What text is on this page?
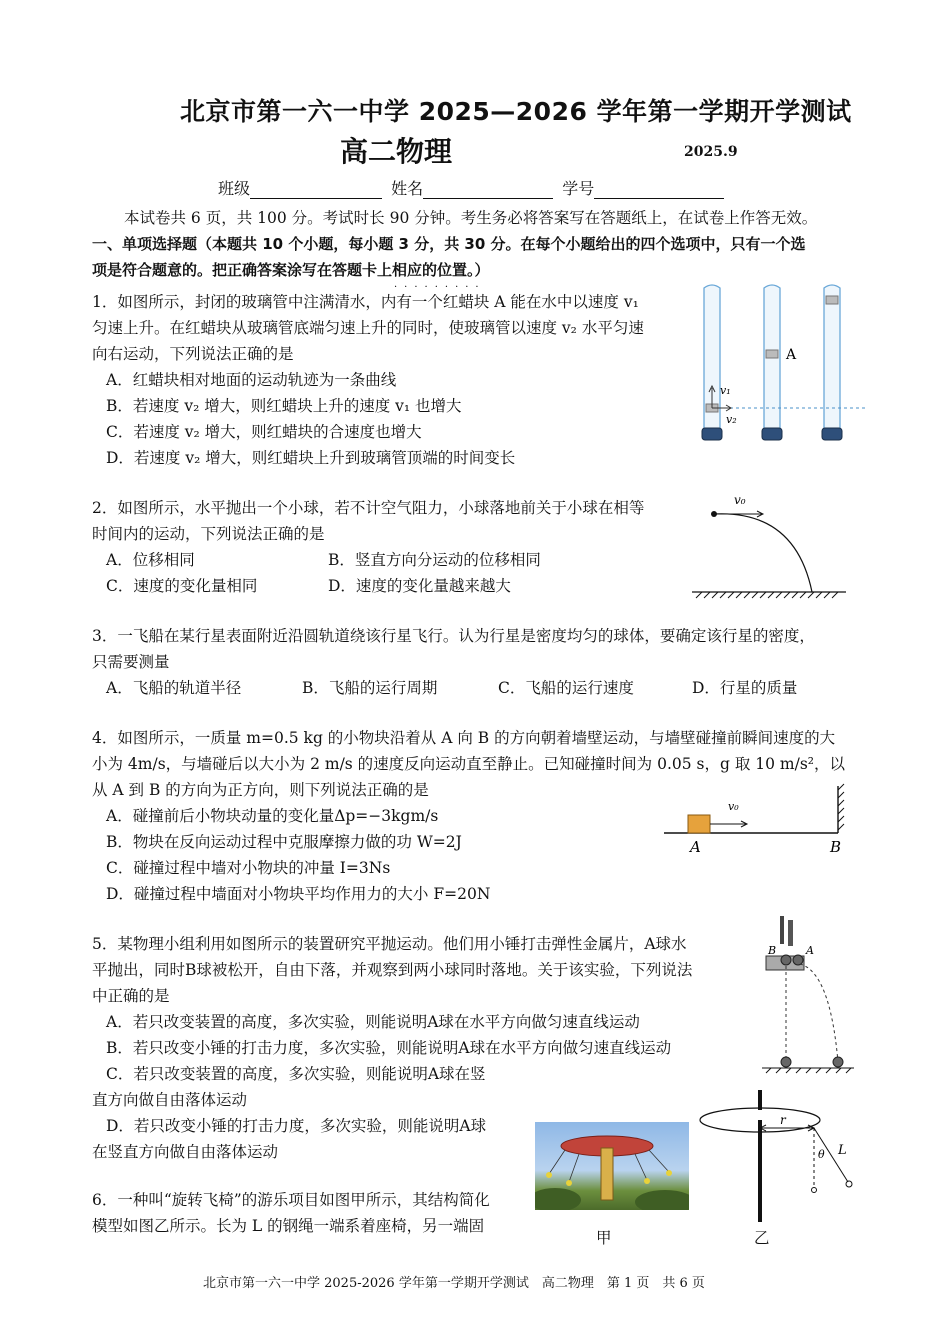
北京市第一六一中学 2025—2026 学年第一学期开学测试
高二物理	2025.9
班级	姓名	学号
本试卷共 6 页，共 100 分。考试时长 90 分钟。考生务必将答案写在答题纸上，在试卷上作答无效。
一、单项选择题（本题共 10 个小题，每小题 3 分，共 30 分。在每个小题给出的四个选项中，只有一个选
项是符合题意的。把正确答案涂写在答题卡上相应的位置。）
·········
1．如图所示，封闭的玻璃管中注满清水，内有一个红蜡块 A 能在水中以速度 v₁
匀速上升。在红蜡块从玻璃管底端匀速上升的同时，使玻璃管以速度 v₂ 水平匀速
向右运动，下列说法正确的是
A．红蜡块相对地面的运动轨迹为一条曲线
B．若速度 v₂ 增大，则红蜡块上升的速度 v₁ 也增大
C．若速度 v₂ 增大，则红蜡块的合速度也增大
D．若速度 v₂ 增大，则红蜡块上升到玻璃管顶端的时间变长
v₁
v₂
A
2．如图所示，水平抛出一个小球，若不计空气阻力，小球落地前关于小球在相等
时间内的运动，下列说法正确的是
A．位移相同	B．竖直方向分运动的位移相同
C．速度的变化量相同	D．速度的变化量越来越大
v₀
3．一飞船在某行星表面附近沿圆轨道绕该行星飞行。认为行星是密度均匀的球体，要确定该行星的密度，
只需要测量
A．飞船的轨道半径	B．飞船的运行周期	C．飞船的运行速度	D．行星的质量
4．如图所示，一质量 m=0.5 kg 的小物块沿着从 A 向 B 的方向朝着墙壁运动，与墙壁碰撞前瞬间速度的大
小为 4m/s，与墙碰后以大小为 2 m/s 的速度反向运动直至静止。已知碰撞时间为 0.05 s，g 取 10 m/s²，以
从 A 到 B 的方向为正方向，则下列说法正确的是
A．碰撞前后小物块动量的变化量Δp=−3kgm/s
B．物块在反向运动过程中克服摩擦力做的功 W=2J
C．碰撞过程中墙对小物块的冲量 I=3Ns
D．碰撞过程中墙面对小物块平均作用力的大小 F=20N
v₀
A	B
5．某物理小组利用如图所示的装置研究平抛运动。他们用小锤打击弹性金属片，A球水
平抛出，同时B球被松开，自由下落，并观察到两小球同时落地。关于该实验，下列说法
中正确的是
A．若只改变装置的高度，多次实验，则能说明A球在水平方向做匀速直线运动
B．若只改变小锤的打击力度，多次实验，则能说明A球在水平方向做匀速直线运动
C．若只改变装置的高度，多次实验，则能说明A球在竖
直方向做自由落体运动
D．若只改变小锤的打击力度，多次实验，则能说明A球
在竖直方向做自由落体运动
B	A
6．一种叫“旋转飞椅”的游乐项目如图甲所示，其结构简化
模型如图乙所示。长为 L 的钢绳一端系着座椅，另一端固
甲
r
θ L
乙
北京市第一六一中学 2025-2026 学年第一学期开学测试　高二物理　第 1 页　共 6 页
